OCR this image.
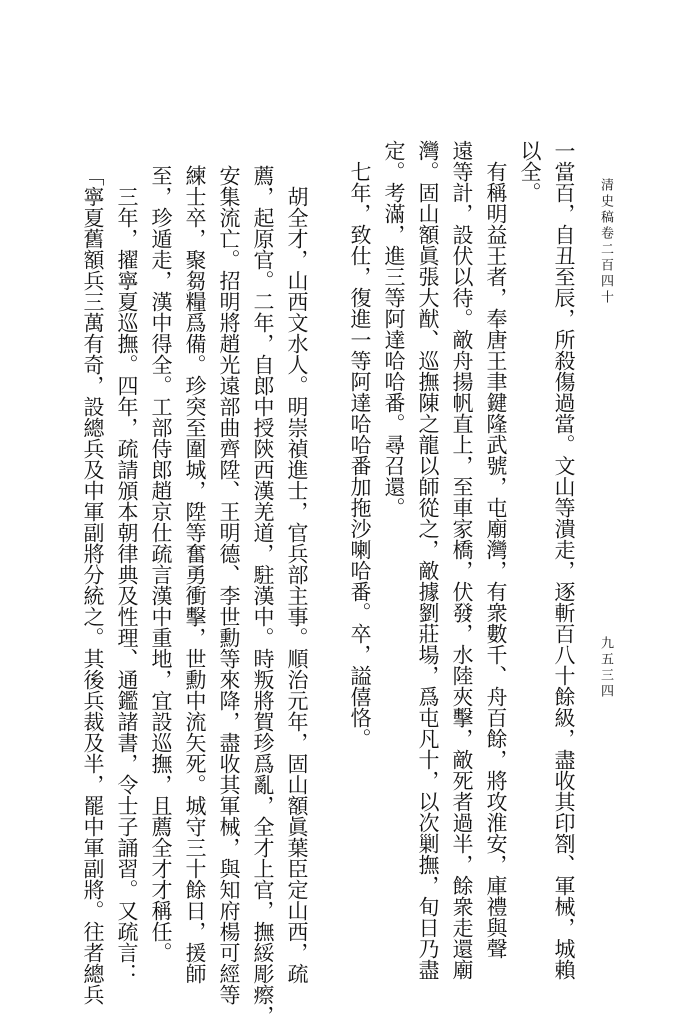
清史稿卷二百四十
九五三四
一當百，自丑至辰，所殺傷過當。文山等潰走，逐斬百八十餘級，盡收其印劄、軍械，城賴
以全。
有稱明益王者，奉唐王聿鍵隆武號，屯廟灣，有衆數千、舟百餘，將攻淮安，庫禮與聲
遠等計，設伏以待。敵舟揚帆直上，至車家橋，伏發，水陸夾擊，敵死者過半，餘衆走還廟
灣。固山額眞張大猷、巡撫陳之龍以師從之，敵據劉莊場，爲屯凡十，以次剿撫，旬日乃盡
定。考滿，進三等阿達哈哈番。尋召還。
七年，致仕，復進一等阿達哈哈番加拖沙喇哈番。卒，謚僖恪。
胡全才，山西文水人。明崇禎進士，官兵部主事。順治元年，固山額眞葉臣定山西，疏
薦，起原官。二年，自郎中授陝西漢羌道，駐漢中。時叛將賀珍爲亂，全才上官，撫綏彫瘵，
安集流亡。招明將趙光遠部曲齊陞、王明德、李世勳等來降，盡收其軍械，與知府楊可經等
練士卒，聚芻糧爲備。珍突至圍城，陞等奮勇衝擊，世勳中流矢死。城守三十餘日，援師
至，珍遁走，漢中得全。工部侍郎趙京仕疏言漢中重地，宜設巡撫，且薦全才才稱任。
三年，擢寧夏巡撫。四年，疏請頒本朝律典及性理、通鑑諸書，令士子誦習。又疏言：
「寧夏舊額兵三萬有奇，設總兵及中軍副將分統之。其後兵裁及半，罷中軍副將。往者總兵
